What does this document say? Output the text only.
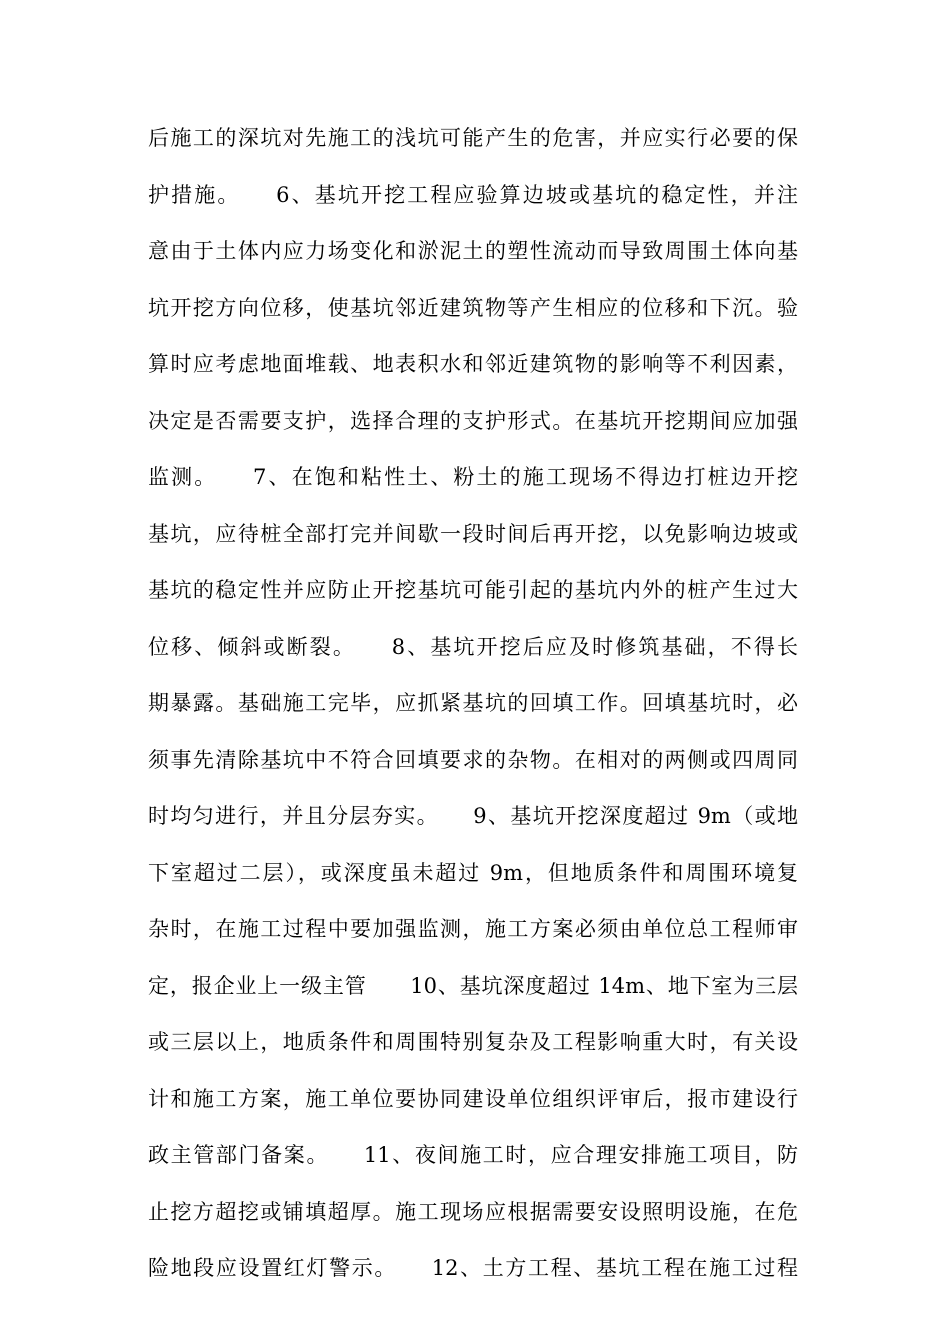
后施工的深坑对先施工的浅坑可能产生的危害，并应实行必要的保
护措施。　　6、基坑开挖工程应验算边坡或基坑的稳定性，并注
意由于土体内应力场变化和淤泥土的塑性流动而导致周围土体向基
坑开挖方向位移，使基坑邻近建筑物等产生相应的位移和下沉。验
算时应考虑地面堆载、地表积水和邻近建筑物的影响等不利因素，
决定是否需要支护，选择合理的支护形式。在基坑开挖期间应加强
监测。　　7、在饱和粘性土、粉土的施工现场不得边打桩边开挖
基坑，应待桩全部打完并间歇一段时间后再开挖，以免影响边坡或
基坑的稳定性并应防止开挖基坑可能引起的基坑内外的桩产生过大
位移、倾斜或断裂。　　8、基坑开挖后应及时修筑基础，不得长
期暴露。基础施工完毕，应抓紧基坑的回填工作。回填基坑时，必
须事先清除基坑中不符合回填要求的杂物。在相对的两侧或四周同
时均匀进行，并且分层夯实。　　9、基坑开挖深度超过 9m（或地
下室超过二层），或深度虽未超过 9m，但地质条件和周围环境复
杂时，在施工过程中要加强监测，施工方案必须由单位总工程师审
定，报企业上一级主管　　10、基坑深度超过 14m、地下室为三层
或三层以上，地质条件和周围特别复杂及工程影响重大时，有关设
计和施工方案，施工单位要协同建设单位组织评审后，报市建设行
政主管部门备案。　　11、夜间施工时，应合理安排施工项目，防
止挖方超挖或铺填超厚。施工现场应根据需要安设照明设施，在危
险地段应设置红灯警示。　　12、土方工程、基坑工程在施工过程
